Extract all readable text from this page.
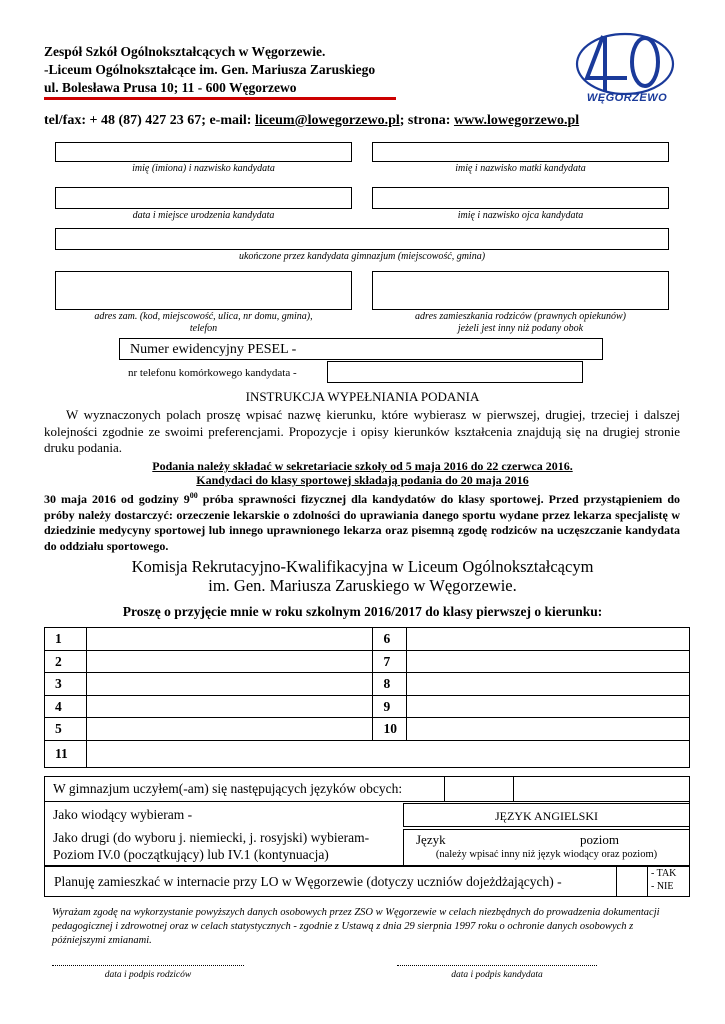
Zespół Szkół Ogólnokształcących w Węgorzewie.
-Liceum Ogólnokształcące im. Gen. Mariusza Zaruskiego
ul. Bolesława Prusa 10; 11 - 600 Węgorzewo
WĘGORZEWO
tel/fax: + 48 (87) 427 23 67; e-mail: liceum@lowegorzewo.pl; strona: www.lowegorzewo.pl
imię (imiona) i nazwisko kandydata	imię i nazwisko matki kandydata
data i miejsce urodzenia kandydata	imię i nazwisko ojca kandydata
ukończone przez kandydata gimnazjum (miejscowość, gmina)
adres zam. (kod, miejscowość, ulica, nr domu, gmina),
telefon
adres zamieszkania rodziców (prawnych opiekunów)
jeżeli jest inny niż podany obok
Numer ewidencyjny PESEL -
nr telefonu komórkowego kandydata -
INSTRUKCJA WYPEŁNIANIA PODANIA
W wyznaczonych polach proszę wpisać nazwę kierunku, które wybierasz w pierwszej, drugiej, trzeciej i dalszej kolejności zgodnie ze swoimi preferencjami. Propozycje i opisy kierunków kształcenia znajdują się na drugiej stronie druku podania.
Podania należy składać w sekretariacie szkoły od 5 maja 2016 do 22 czerwca 2016.
Kandydaci do klasy sportowej składają podania do 20 maja 2016
30 maja 2016 od godziny $9^{00}$ próba sprawności fizycznej dla kandydatów do klasy sportowej. Przed przystąpieniem do próby należy dostarczyć: orzeczenie lekarskie o zdolności do uprawiania danego sportu wydane przez lekarza specjalistę w dziedzinie medycyny sportowej lub innego uprawnionego lekarza oraz pisemną zgodę rodziców na uczęszczanie kandydata do oddziału sportowego.
Komisja Rekrutacyjno-Kwalifikacyjna w Liceum Ogólnokształcącym
im. Gen. Mariusza Zaruskiego w Węgorzewie.
Proszę o przyjęcie mnie w roku szkolnym 2016/2017 do klasy pierwszej o kierunku:
1		6	
2		7	
3		8	
4		9	
5		10	
11			
W gimnazjum uczyłem(-am) się następujących języków obcych:
Jako wiodący wybieram -	JĘZYK ANGIELSKI
Jako drugi (do wyboru j. niemiecki, j. rosyjski) wybieram-
Poziom IV.0 (początkujący) lub IV.1 (kontynuacja)
Język	poziom
(należy wpisać inny niż język wiodący oraz poziom)
Planuję zamieszkać w internacie przy LO w Węgorzewie (dotyczy uczniów dojeżdżających) -
- TAK
- NIE
Wyrażam zgodę na wykorzystanie powyższych danych osobowych przez ZSO w Węgorzewie w celach niezbędnych do prowadzenia dokumentacji pedagogicznej i zdrowotnej oraz w celach statystycznych - zgodnie z Ustawą z dnia 29 sierpnia 1997 roku o ochronie danych osobowych z późniejszymi zmianami.
data i podpis rodziców	data i podpis kandydata
